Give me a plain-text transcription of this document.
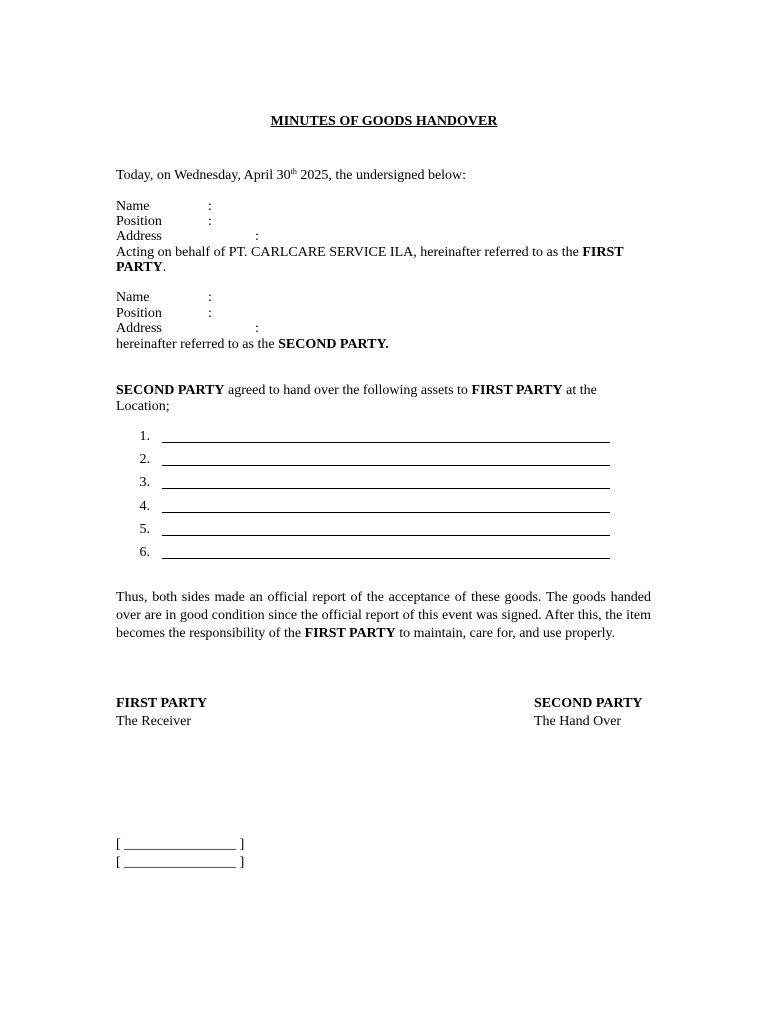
MINUTES OF GOODS HANDOVER
Today, on Wednesday, April 30th 2025, the undersigned below:
Name	:
Position	:
Address	:
Acting on behalf of PT. CARLCARE SERVICE ILA, hereinafter referred to as the FIRST
PARTY.
Name	:
Position	:
Address	:
hereinafter referred to as the SECOND PARTY.
SECOND PARTY agreed to hand over the following assets to FIRST PARTY at the
Location;
1.
2.
3.
4.
5.
6.
Thus, both sides made an official report of the acceptance of these goods. The goods handed over are in good condition since the official report of this event was signed. After this, the item becomes the responsibility of the FIRST PARTY to maintain, care for, and use properly.
FIRST PARTY
The Receiver
SECOND PARTY
The Hand Over
[ ________________ ]
[ ________________ ]
